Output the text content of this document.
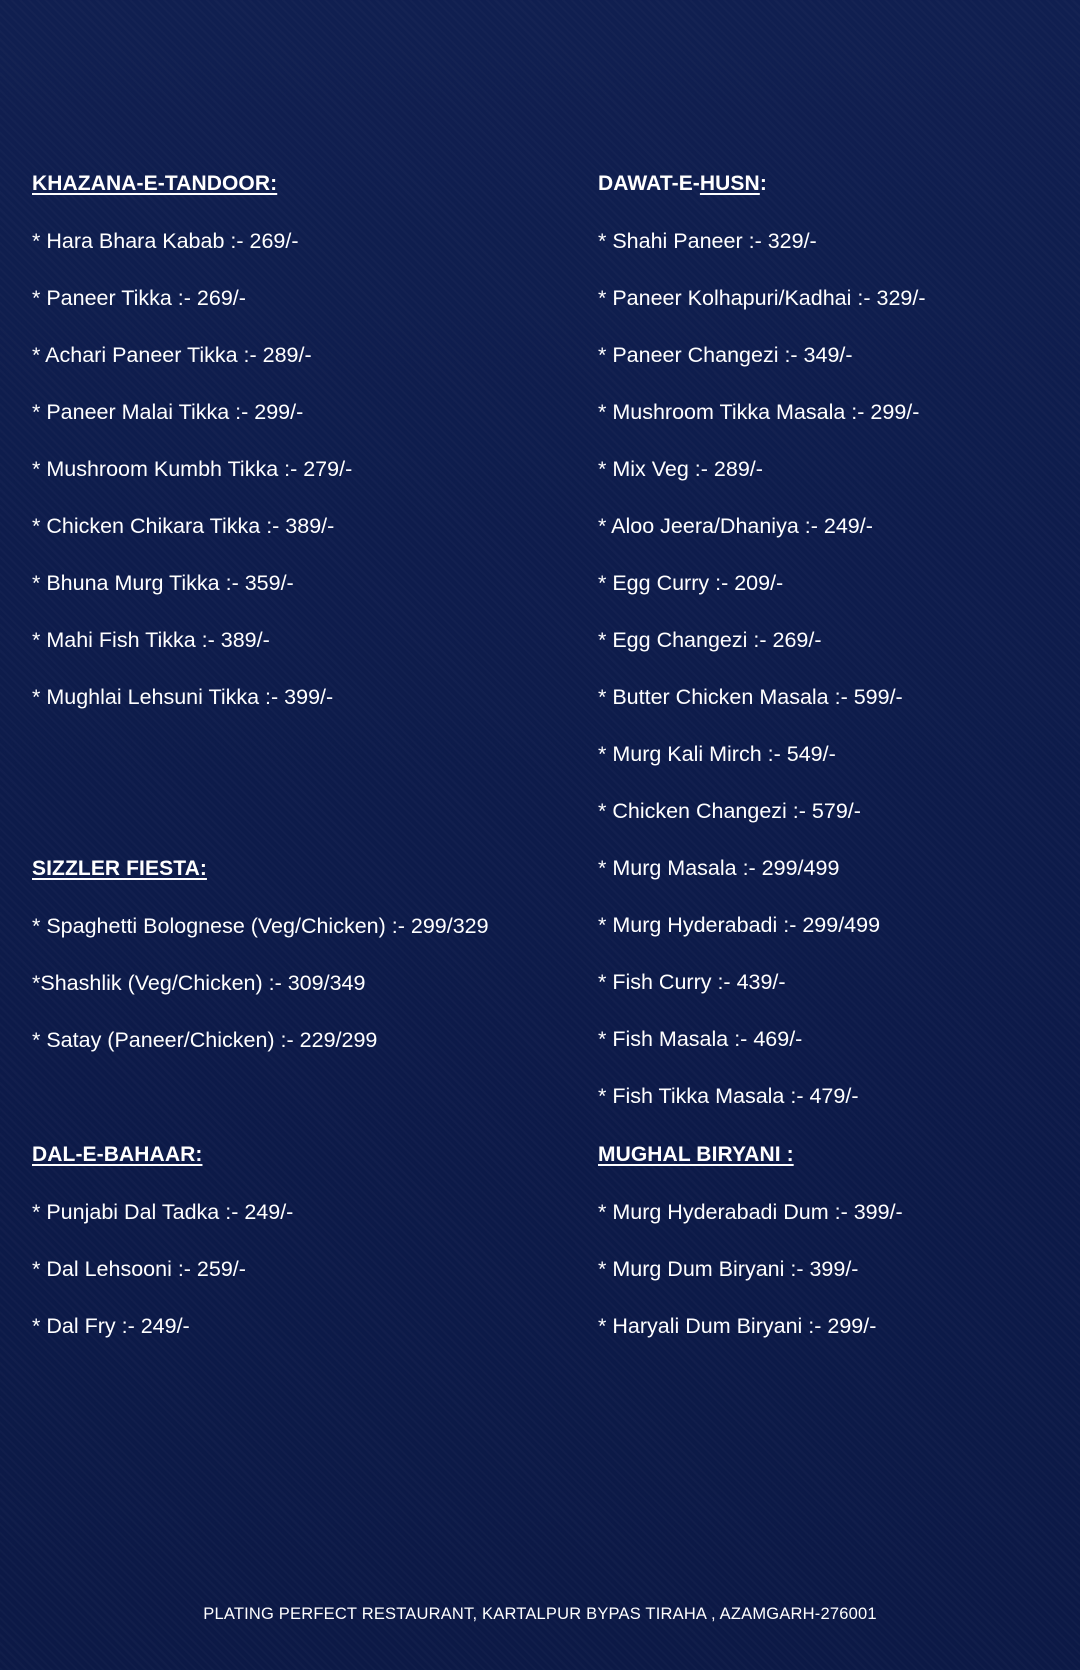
KHAZANA-E-TANDOOR:
* Hara Bhara Kabab :- 269/-
* Paneer Tikka :- 269/-
* Achari Paneer Tikka :- 289/-
* Paneer Malai Tikka :- 299/-
* Mushroom Kumbh Tikka :- 279/-
* Chicken Chikara Tikka :- 389/-
* Bhuna Murg Tikka :- 359/-
* Mahi Fish Tikka :- 389/-
* Mughlai Lehsuni Tikka :- 399/-
SIZZLER FIESTA:
* Spaghetti Bolognese (Veg/Chicken) :- 299/329
*Shashlik (Veg/Chicken) :- 309/349
* Satay (Paneer/Chicken) :- 229/299
DAL-E-BAHAAR:
* Punjabi Dal Tadka :- 249/-
* Dal Lehsooni :- 259/-
* Dal Fry :- 249/-
DAWAT-E-HUSN:
* Shahi Paneer :- 329/-
* Paneer Kolhapuri/Kadhai :- 329/-
* Paneer Changezi :- 349/-
* Mushroom Tikka Masala :- 299/-
* Mix Veg :- 289/-
* Aloo Jeera/Dhaniya :- 249/-
* Egg Curry :- 209/-
* Egg Changezi :- 269/-
* Butter Chicken Masala :- 599/-
* Murg Kali Mirch :- 549/-
* Chicken Changezi :- 579/-
* Murg Masala :- 299/499
* Murg Hyderabadi :- 299/499
* Fish Curry :- 439/-
* Fish Masala :- 469/-
* Fish Tikka Masala :- 479/-
MUGHAL BIRYANI :
* Murg Hyderabadi Dum :- 399/-
* Murg Dum Biryani :- 399/-
* Haryali Dum Biryani :- 299/-
PLATING PERFECT RESTAURANT, KARTALPUR BYPAS TIRAHA , AZAMGARH-276001
